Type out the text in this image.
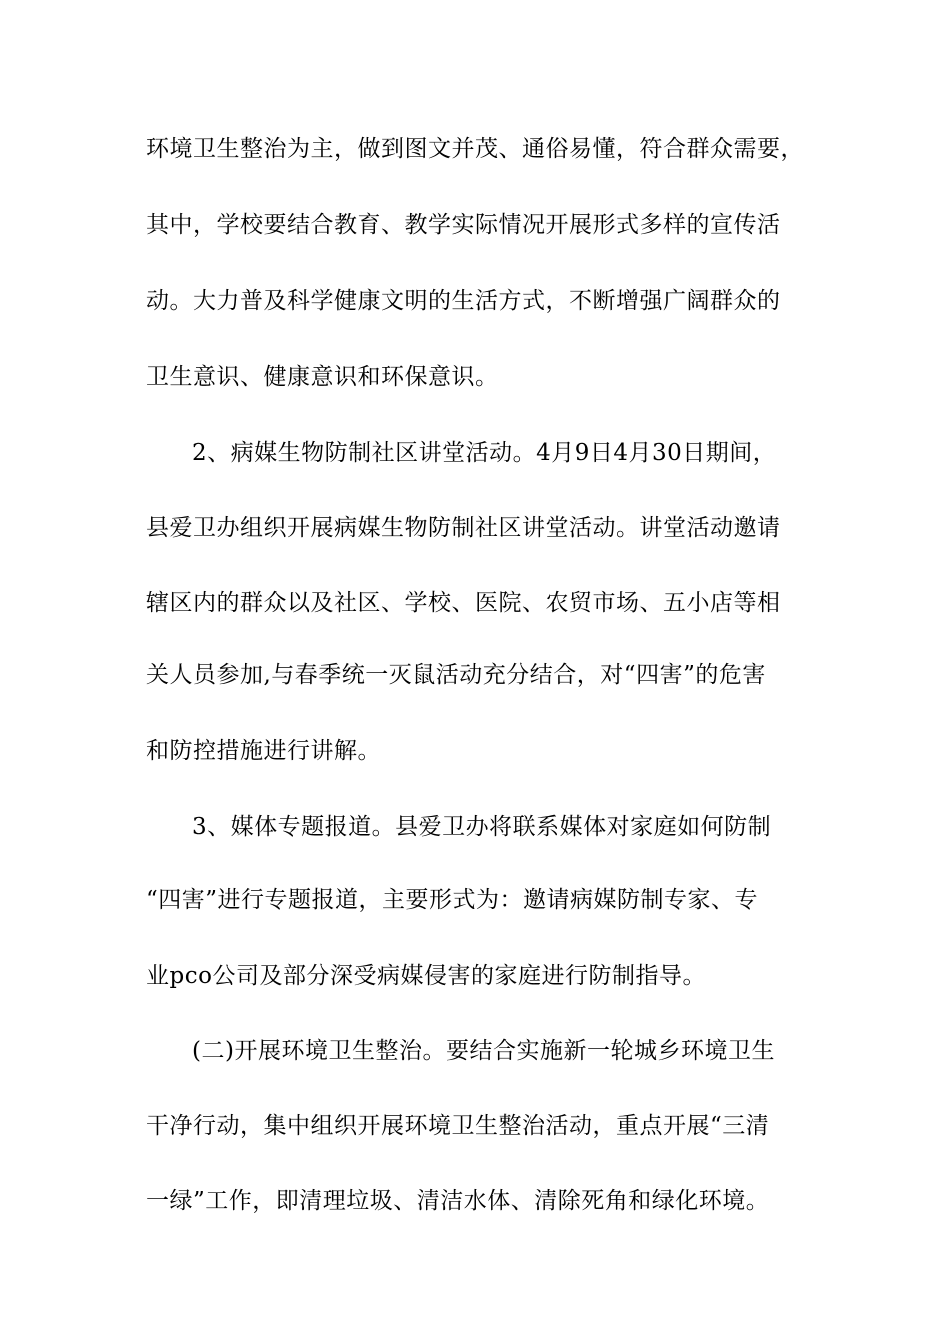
环境卫生整治为主，做到图文并茂、通俗易懂，符合群众需要，
其中，学校要结合教育、教学实际情况开展形式多样的宣传活
动。大力普及科学健康文明的生活方式，不断增强广阔群众的
卫生意识、健康意识和环保意识。
2、病媒生物防制社区讲堂活动。4月9日4月30日期间，
县爱卫办组织开展病媒生物防制社区讲堂活动。讲堂活动邀请
辖区内的群众以及社区、学校、医院、农贸市场、五小店等相
关人员参加,与春季统一灭鼠活动充分结合，对“四害”的危害
和防控措施进行讲解。
3、媒体专题报道。县爱卫办将联系媒体对家庭如何防制
“四害”进行专题报道，主要形式为：邀请病媒防制专家、专
业pco公司及部分深受病媒侵害的家庭进行防制指导。
(二)开展环境卫生整治。要结合实施新一轮城乡环境卫生
干净行动，集中组织开展环境卫生整治活动，重点开展“三清
一绿”工作，即清理垃圾、清洁水体、清除死角和绿化环境。
